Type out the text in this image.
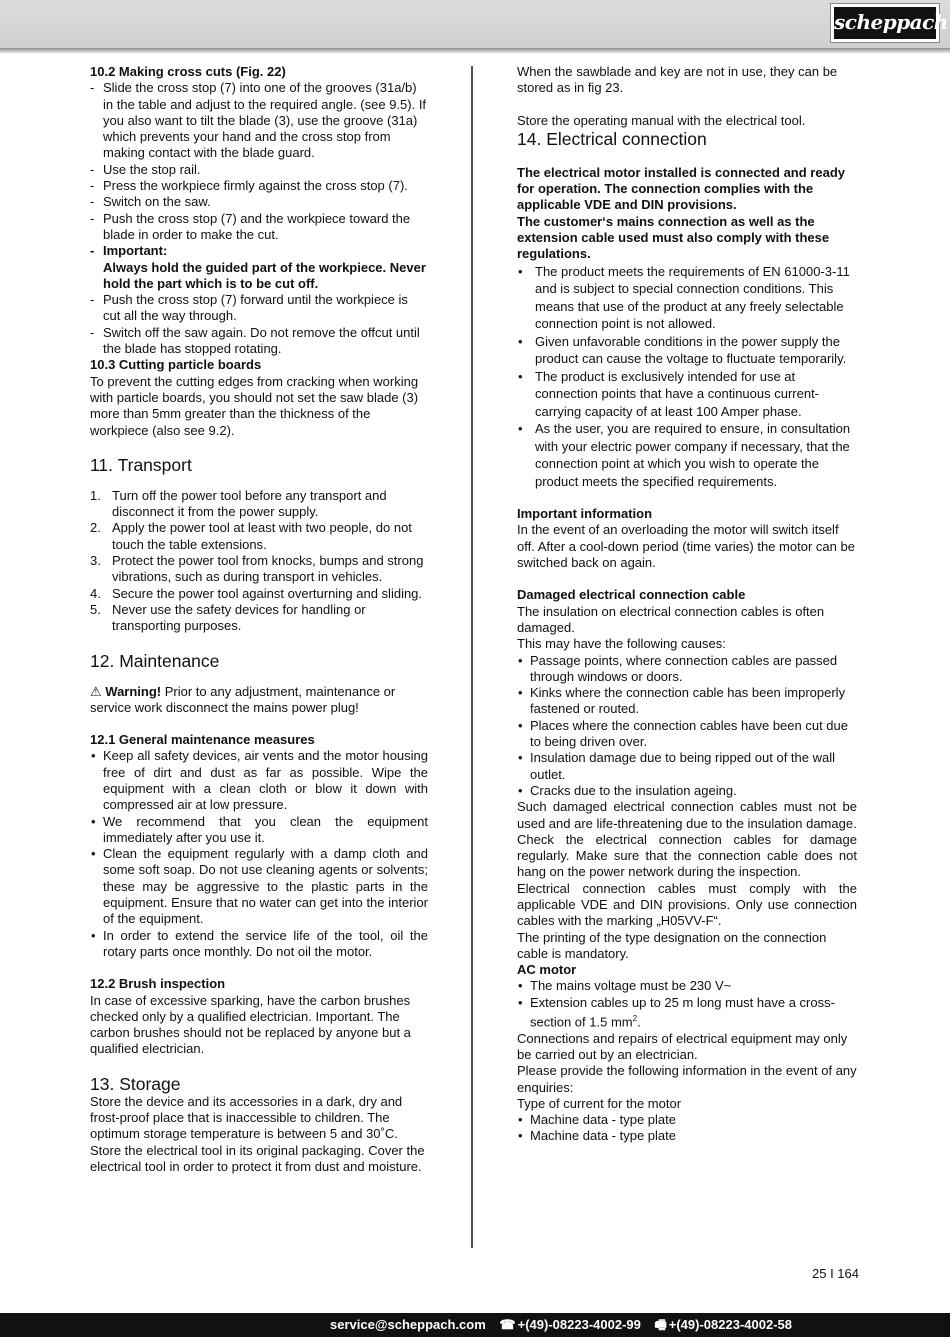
scheppach

10.2 Making cross cuts (Fig. 22)

- Slide the cross stop (7) into one of the grooves (31a/b) in the table and adjust to the required angle. (see 9.5). If you also want to tilt the blade (3), use the groove (31a) which prevents your hand and the cross stop from making contact with the blade guard.

- Use the stop rail.

- Press the workpiece firmly against the cross stop (7).

- Switch on the saw.

- Push the cross stop (7) and the workpiece toward the blade in order to make the cut.

- Important:

Always hold the guided part of the workpiece. Never hold the part which is to be cut off.

- Push the cross stop (7) forward until the workpiece is cut all the way through.

- Switch off the saw again. Do not remove the offcut until the blade has stopped rotating.

10.3 Cutting particle boards

To prevent the cutting edges from cracking when working with particle boards, you should not set the saw blade (3) more than 5mm greater than the thickness of the workpiece (also see 9.2).

11. Transport

1. Turn off the power tool before any transport and disconnect it from the power supply.

2. Apply the power tool at least with two people, do not touch the table extensions.

3. Protect the power tool from knocks, bumps and strong vibrations, such as during transport in vehicles.

4. Secure the power tool against overturning and sliding.

5. Never use the safety devices for handling or transporting purposes.

12. Maintenance

⚠ Warning! Prior to any adjustment, maintenance or service work disconnect the mains power plug!

12.1 General maintenance measures

• Keep all safety devices, air vents and the motor housing free of dirt and dust as far as possible. Wipe the equipment with a clean cloth or blow it down with compressed air at low pressure.

• We recommend that you clean the equipment immediately after you use it.

• Clean the equipment regularly with a damp cloth and some soft soap. Do not use cleaning agents or solvents; these may be aggressive to the plastic parts in the equipment. Ensure that no water can get into the interior of the equipment.

• In order to extend the service life of the tool, oil the rotary parts once monthly. Do not oil the motor.

12.2 Brush inspection

In case of excessive sparking, have the carbon brushes checked only by a qualified electrician. Important. The carbon brushes should not be replaced by anyone but a qualified electrician.

13. Storage

Store the device and its accessories in a dark, dry and frost-proof place that is inaccessible to children. The optimum storage temperature is between 5 and 30˚C. Store the electrical tool in its original packaging. Cover the electrical tool in order to protect it from dust and moisture.

When the sawblade and key are not in use, they can be stored as in fig 23.

Store the operating manual with the electrical tool.

14. Electrical connection

The electrical motor installed is connected and ready for operation. The connection complies with the applicable VDE and DIN provisions.

The customer‘s mains connection as well as the extension cable used must also comply with these regulations.

• The product meets the requirements of EN 61000-3-11 and is subject to special connection conditions. This means that use of the product at any freely selectable connection point is not allowed.

• Given unfavorable conditions in the power supply the product can cause the voltage to fluctuate temporarily.

• The product is exclusively intended for use at connection points that have a continuous current-carrying capacity of at least 100 Amper phase.

• As the user, you are required to ensure, in consultation with your electric power company if necessary, that the connection point at which you wish to operate the product meets the specified requirements.

Important information

In the event of an overloading the motor will switch itself off. After a cool-down period (time varies) the motor can be switched back on again.

Damaged electrical connection cable

The insulation on electrical connection cables is often damaged.

This may have the following causes:

• Passage points, where connection cables are passed through windows or doors.

• Kinks where the connection cable has been improperly fastened or routed.

• Places where the connection cables have been cut due to being driven over.

• Insulation damage due to being ripped out of the wall outlet.

• Cracks due to the insulation ageing.

Such damaged electrical connection cables must not be used and are life-threatening due to the insulation damage.

Check the electrical connection cables for damage regularly. Make sure that the connection cable does not hang on the power network during the inspection.

Electrical connection cables must comply with the applicable VDE and DIN provisions. Only use connection cables with the marking „H05VV-F“.

The printing of the type designation on the connection cable is mandatory.

AC motor

• The mains voltage must be 230 V~

• Extension cables up to 25 m long must have a cross-section of 1.5 $mm^2$.

Connections and repairs of electrical equipment may only be carried out by an electrician.

Please provide the following information in the event of any enquiries:

Type of current for the motor

• Machine data - type plate

• Machine data - type plate

25 I 164
service@scheppach.com ☎ +(49)-08223-4002-99 🖷 +(49)-08223-4002-58
